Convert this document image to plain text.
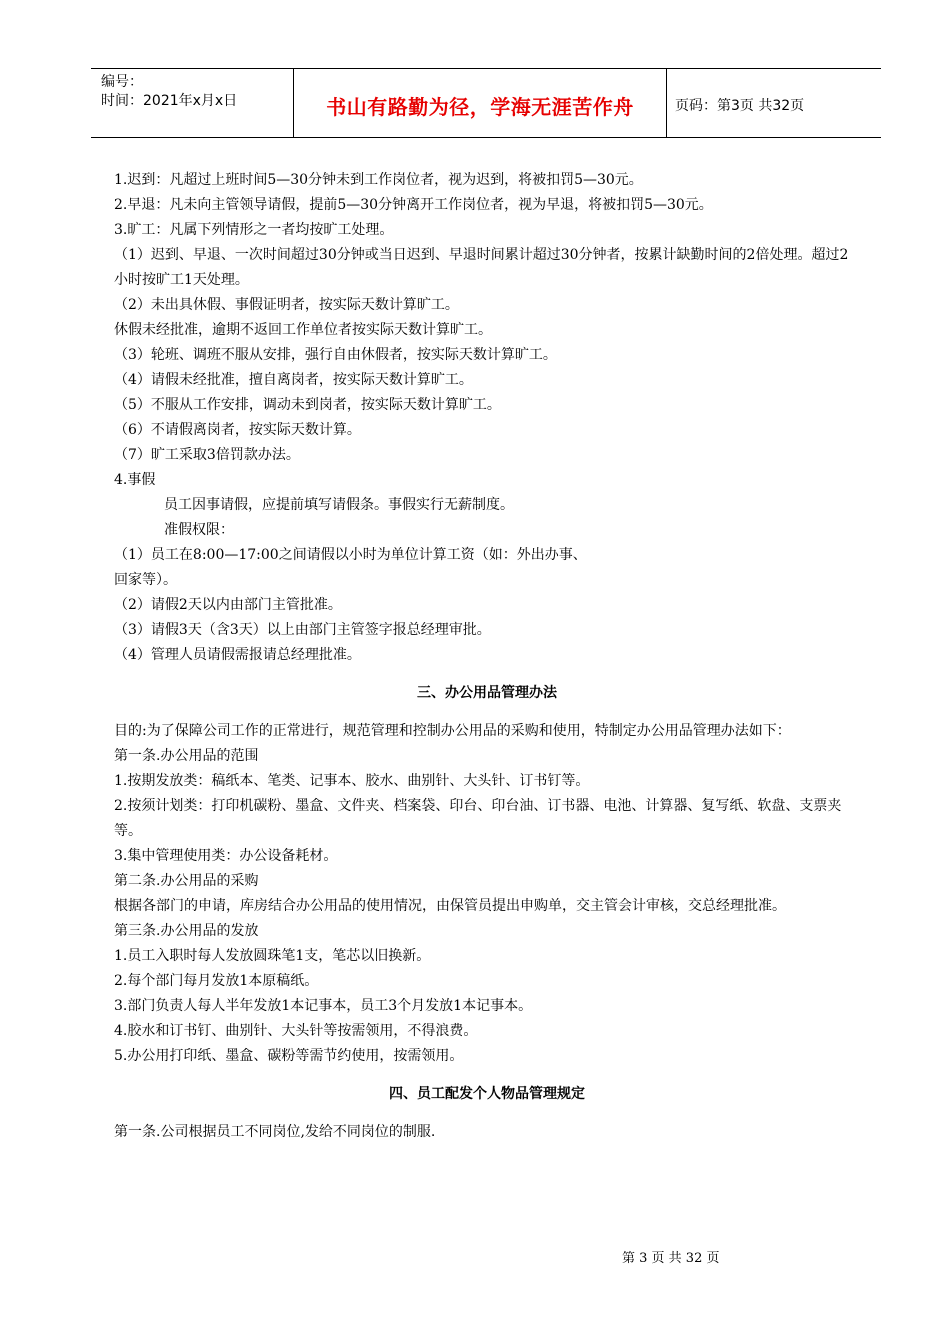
编号：
时间：2021年x月x日	书山有路勤为径，学海无涯苦作舟	页码：第3页 共32页

1.迟到：凡超过上班时间5—30分钟未到工作岗位者，视为迟到，将被扣罚5—30元。

2.早退：凡未向主管领导请假，提前5—30分钟离开工作岗位者，视为早退，将被扣罚5—30元。

3.旷工：凡属下列情形之一者均按旷工处理。

（1）迟到、早退、一次时间超过30分钟或当日迟到、早退时间累计超过30分钟者，按累计缺勤时间的2倍处理。超过2小时按旷工1天处理。

（2）未出具休假、事假证明者，按实际天数计算旷工。

休假未经批准，逾期不返回工作单位者按实际天数计算旷工。

（3）轮班、调班不服从安排，强行自由休假者，按实际天数计算旷工。

（4）请假未经批准，擅自离岗者，按实际天数计算旷工。

（5）不服从工作安排，调动未到岗者，按实际天数计算旷工。

（6）不请假离岗者，按实际天数计算。

（7）旷工采取3倍罚款办法。

4.事假

员工因事请假，应提前填写请假条。事假实行无薪制度。

准假权限：

（1）员工在8:00—17:00之间请假以小时为单位计算工资（如：外出办事、

回家等）。

（2）请假2天以内由部门主管批准。

（3）请假3天（含3天）以上由部门主管签字报总经理审批。

（4）管理人员请假需报请总经理批准。

三、办公用品管理办法

目的:为了保障公司工作的正常进行，规范管理和控制办公用品的采购和使用，特制定办公用品管理办法如下：

第一条.办公用品的范围

1.按期发放类：稿纸本、笔类、记事本、胶水、曲别针、大头针、订书钉等。

2.按须计划类：打印机碳粉、墨盒、文件夹、档案袋、印台、印台油、订书器、电池、计算器、复写纸、软盘、支票夹等。

3.集中管理使用类：办公设备耗材。

第二条.办公用品的采购

根据各部门的申请，库房结合办公用品的使用情况，由保管员提出申购单，交主管会计审核，交总经理批准。

第三条.办公用品的发放

1.员工入职时每人发放圆珠笔1支，笔芯以旧换新。

2.每个部门每月发放1本原稿纸。

3.部门负责人每人半年发放1本记事本，员工3个月发放1本记事本。

4.胶水和订书钉、曲别针、大头针等按需领用，不得浪费。

5.办公用打印纸、墨盒、碳粉等需节约使用，按需领用。

四、员工配发个人物品管理规定

第一条.公司根据员工不同岗位,发给不同岗位的制服.

第 3 页 共 32 页
